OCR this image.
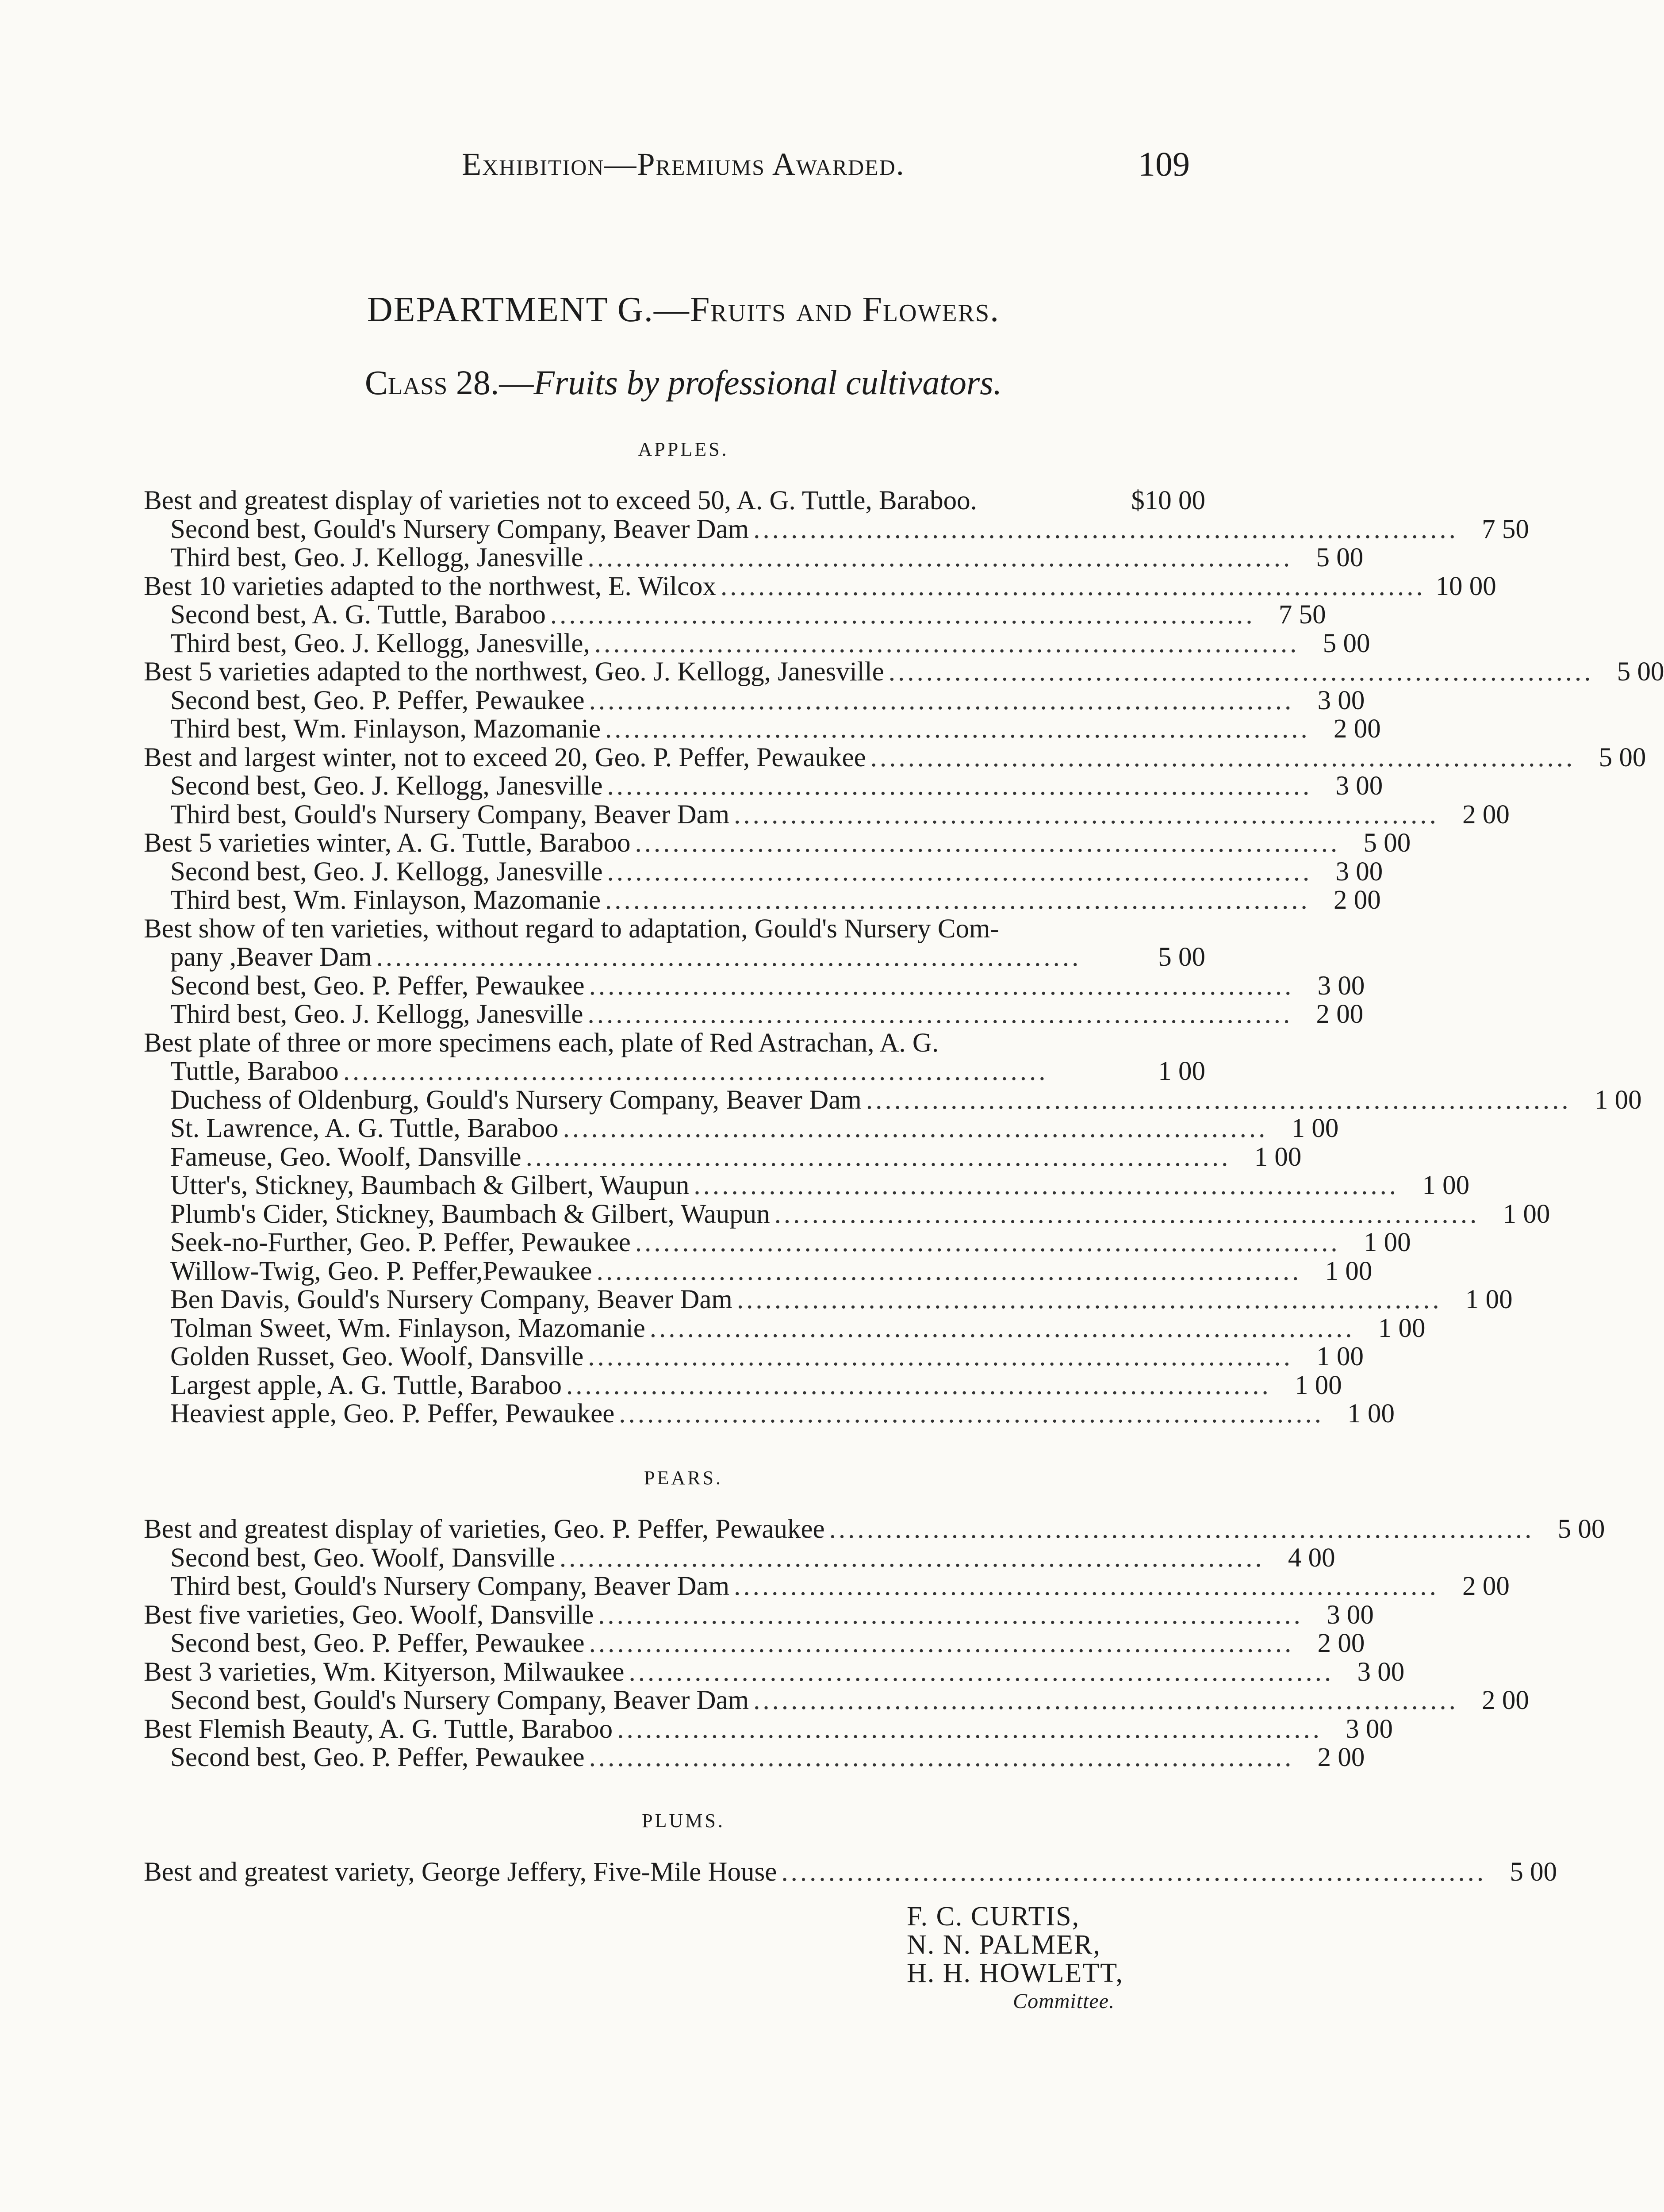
Exhibition—Premiums Awarded.	109
DEPARTMENT G.—Fruits and Flowers.
Class 28.—Fruits by professional cultivators.
APPLES.
Best and greatest display of varieties not to exceed 50, A. G. Tuttle, Baraboo.	$10 00
Second best, Gould's Nursery Company, Beaver Dam ........................................................................... 7 50
Third best, Geo. J. Kellogg, Janesville ........................................................................... 5 00
Best 10 varieties adapted to the northwest, E. Wilcox ........................................................................... 10 00
Second best, A. G. Tuttle, Baraboo ........................................................................... 7 50
Third best, Geo. J. Kellogg, Janesville, ........................................................................... 5 00
Best 5 varieties adapted to the northwest, Geo. J. Kellogg, Janesville ........................................................................... 5 00
Second best, Geo. P. Peffer, Pewaukee ........................................................................... 3 00
Third best, Wm. Finlayson, Mazomanie ........................................................................... 2 00
Best and largest winter, not to exceed 20, Geo. P. Peffer, Pewaukee ........................................................................... 5 00
Second best, Geo. J. Kellogg, Janesville ........................................................................... 3 00
Third best, Gould's Nursery Company, Beaver Dam ........................................................................... 2 00
Best 5 varieties winter, A. G. Tuttle, Baraboo ........................................................................... 5 00
Second best, Geo. J. Kellogg, Janesville ........................................................................... 3 00
Third best, Wm. Finlayson, Mazomanie ........................................................................... 2 00
Best show of ten varieties, without regard to adaptation, Gould's Nursery Com-
pany ,Beaver Dam ...........................................................................	5 00
Second best, Geo. P. Peffer, Pewaukee ........................................................................... 3 00
Third best, Geo. J. Kellogg, Janesville ........................................................................... 2 00
Best plate of three or more specimens each, plate of Red Astrachan, A. G.
Tuttle, Baraboo ...........................................................................	1 00
Duchess of Oldenburg, Gould's Nursery Company, Beaver Dam ........................................................................... 1 00
St. Lawrence, A. G. Tuttle, Baraboo ........................................................................... 1 00
Fameuse, Geo. Woolf, Dansville ........................................................................... 1 00
Utter's, Stickney, Baumbach & Gilbert, Waupun ........................................................................... 1 00
Plumb's Cider, Stickney, Baumbach & Gilbert, Waupun ........................................................................... 1 00
Seek-no-Further, Geo. P. Peffer, Pewaukee ........................................................................... 1 00
Willow-Twig, Geo. P. Peffer,Pewaukee ........................................................................... 1 00
Ben Davis, Gould's Nursery Company, Beaver Dam ........................................................................... 1 00
Tolman Sweet, Wm. Finlayson, Mazomanie ........................................................................... 1 00
Golden Russet, Geo. Woolf, Dansville ........................................................................... 1 00
Largest apple, A. G. Tuttle, Baraboo ........................................................................... 1 00
Heaviest apple, Geo. P. Peffer, Pewaukee ........................................................................... 1 00
PEARS.
Best and greatest display of varieties, Geo. P. Peffer, Pewaukee ........................................................................... 5 00
Second best, Geo. Woolf, Dansville ........................................................................... 4 00
Third best, Gould's Nursery Company, Beaver Dam ........................................................................... 2 00
Best five varieties, Geo. Woolf, Dansville ........................................................................... 3 00
Second best, Geo. P. Peffer, Pewaukee ........................................................................... 2 00
Best 3 varieties, Wm. Kityerson, Milwaukee ........................................................................... 3 00
Second best, Gould's Nursery Company, Beaver Dam ........................................................................... 2 00
Best Flemish Beauty, A. G. Tuttle, Baraboo ........................................................................... 3 00
Second best, Geo. P. Peffer, Pewaukee ........................................................................... 2 00
PLUMS.
Best and greatest variety, George Jeffery, Five-Mile House ........................................................................... 5 00
F. C. CURTIS,
N. N. PALMER,
H. H. HOWLETT,
Committee.
